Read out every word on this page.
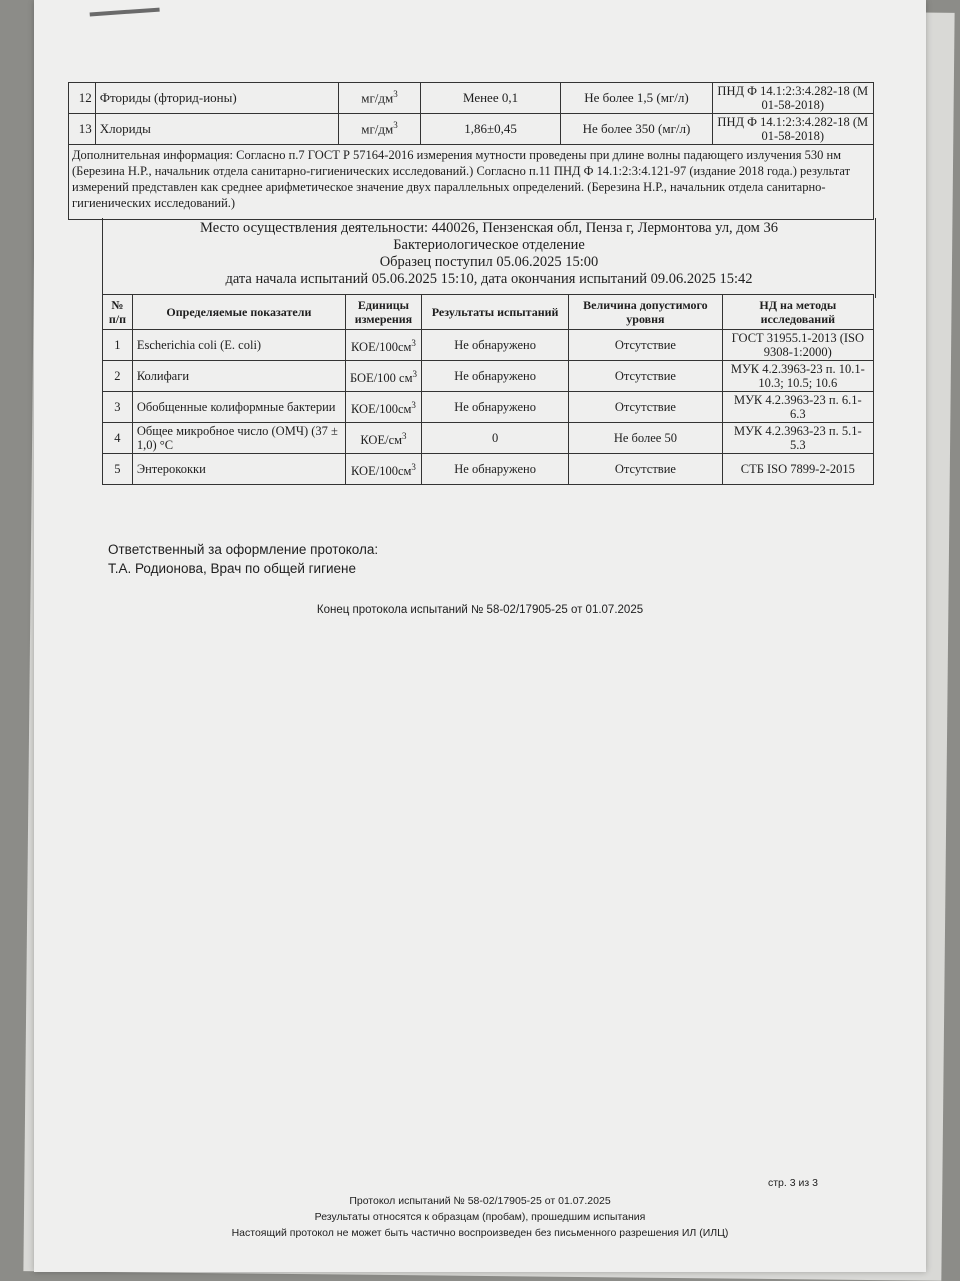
12	Фториды (фторид-ионы)	$мг/дм^3$	Менее 0,1	Не более 1,5 (мг/л)	ПНД Ф 14.1:2:3:4.282-18 (М 01-58-2018)
13	Хлориды	$мг/дм^3$	1,86±0,45	Не более 350 (мг/л)	ПНД Ф 14.1:2:3:4.282-18 (М 01-58-2018)
Дополнительная информация: Согласно п.7 ГОСТ Р 57164-2016 измерения мутности проведены при длине волны падающего излучения 530 нм (Березина Н.Р., начальник отдела санитарно-гигиенических исследований.) Согласно п.11 ПНД Ф 14.1:2:3:4.121-97 (издание 2018 года.) результат измерений представлен как среднее арифметическое значение двух параллельных определений. (Березина Н.Р., начальник отдела санитарно-гигиенических исследований.)					
Место осуществления деятельности: 440026, Пензенская обл, Пенза г, Лермонтова ул, дом 36
Бактериологическое отделение
Образец поступил 05.06.2025 15:00
дата начала испытаний 05.06.2025 15:10, дата окончания испытаний 09.06.2025 15:42
№ п/п	Определяемые показатели	Единицы измерения	Результаты испытаний	Величина допустимого уровня	НД на методы исследований
1	Escherichia coli (E. coli)	КОЕ/$100см^3$	Не обнаружено	Отсутствие	ГОСТ 31955.1-2013 (ISO 9308-1:2000)
2	Колифаги	БОЕ/100 $см^3$	Не обнаружено	Отсутствие	МУК 4.2.3963-23 п. 10.1-10.3; 10.5; 10.6
3	Обобщенные колиформные бактерии	КОЕ/$100см^3$	Не обнаружено	Отсутствие	МУК 4.2.3963-23 п. 6.1-6.3
4	Общее микробное число (ОМЧ) (37 ± 1,0) °С	КОЕ/$см^3$	0	Не более 50	МУК 4.2.3963-23 п. 5.1-5.3
5	Энтерококки	КОЕ/$100см^3$	Не обнаружено	Отсутствие	СТБ ISO 7899-2-2015
Ответственный за оформление протокола:
Т.А. Родионова, Врач по общей гигиене
Конец протокола испытаний № 58-02/17905-25 от 01.07.2025
стр. 3 из 3
Протокол испытаний № 58-02/17905-25 от 01.07.2025
Результаты относятся к образцам (пробам), прошедшим испытания
Настоящий протокол не может быть частично воспроизведен без письменного разрешения ИЛ (ИЛЦ)
